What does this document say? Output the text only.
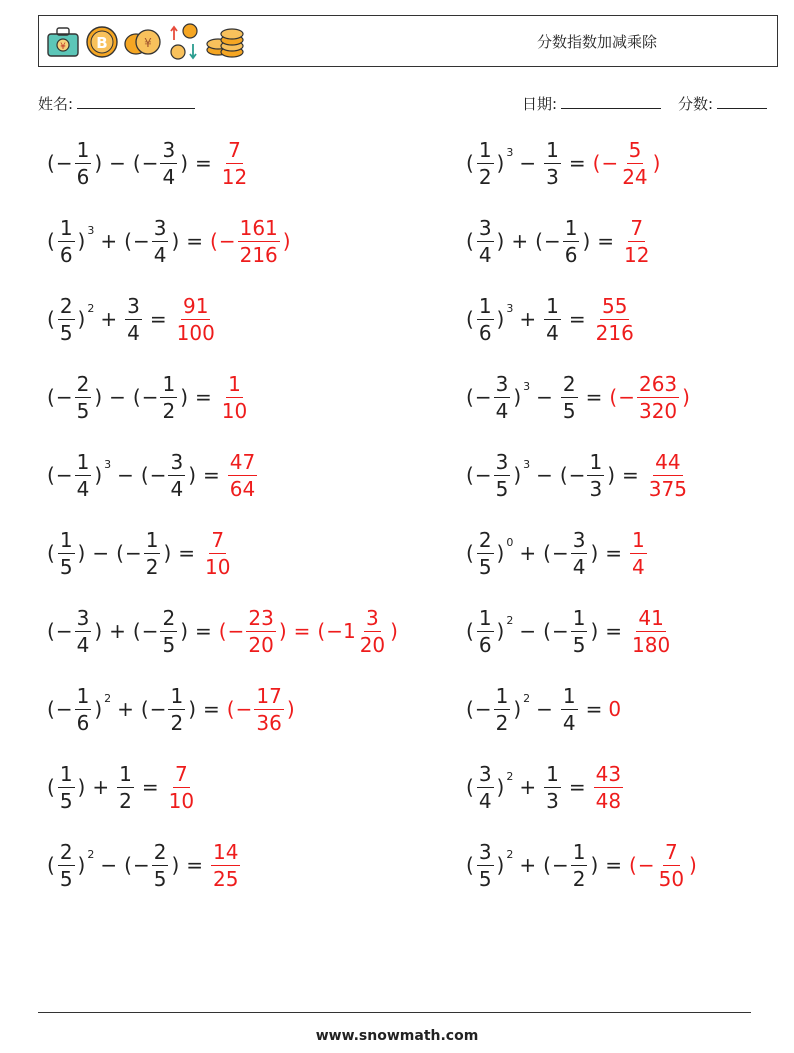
¥ B	¥	分数指数加减乘除
姓名:	日期:	分数:
( − $\frac{1}{6}$ ) − ( − $\frac{3}{4}$ ) = $\frac{7}{12}$
( $\frac{1}{6}$ ) 3 + ( − $\frac{3}{4}$ ) = ( − $\frac{161}{216}$ )
( $\frac{2}{5}$ ) $2 + \frac{3}{4} = \frac{91}{100}$
( − $\frac{2}{5}$ ) − ( − $\frac{1}{2}$ ) = $\frac{1}{10}$
( − $\frac{1}{4}$ ) 3 − ( − $\frac{3}{4}$ ) = $\frac{47}{64}$
( $\frac{1}{5}$ ) − ( − $\frac{1}{2}$ ) = $\frac{7}{10}$
( − $\frac{3}{4}$ ) + ( − $\frac{2}{5}$ ) = ( − $\frac{23}{20}$ ) = ( $-1 \frac{3}{20}$ )
( − $\frac{1}{6}$ ) 2 + ( − $\frac{1}{2}$ ) = ( − $\frac{17}{36}$ )
( $\frac{1}{5}$ ) + $\frac{1}{2} = \frac{7}{10}$
( $\frac{2}{5}$ ) 2 − ( − $\frac{2}{5}$ ) = $\frac{14}{25}$
( $\frac{1}{2}$ ) $3 - \frac{1}{3}$ = ( − $\frac{5}{24}$ )
( $\frac{3}{4}$ ) + ( − $\frac{1}{6}$ ) = $\frac{7}{12}$
( $\frac{1}{6}$ ) $3 + \frac{1}{4} = \frac{55}{216}$
( − $\frac{3}{4}$ ) $3 - \frac{2}{5}$ = ( − $\frac{263}{320}$ )
( − $\frac{3}{5}$ ) 3 − ( − $\frac{1}{3}$ ) = $\frac{44}{375}$
( $\frac{2}{5}$ ) 0 + ( − $\frac{3}{4}$ ) = $\frac{1}{4}$
( $\frac{1}{6}$ ) 2 − ( − $\frac{1}{5}$ ) = $\frac{41}{180}$
( − $\frac{1}{2}$ ) $2 - \frac{1}{4} = 0$
( $\frac{3}{4}$ ) $2 + \frac{1}{3} = \frac{43}{48}$
( $\frac{3}{5}$ ) 2 + ( − $\frac{1}{2}$ ) = ( − $\frac{7}{50}$ )
www.snowmath.com
